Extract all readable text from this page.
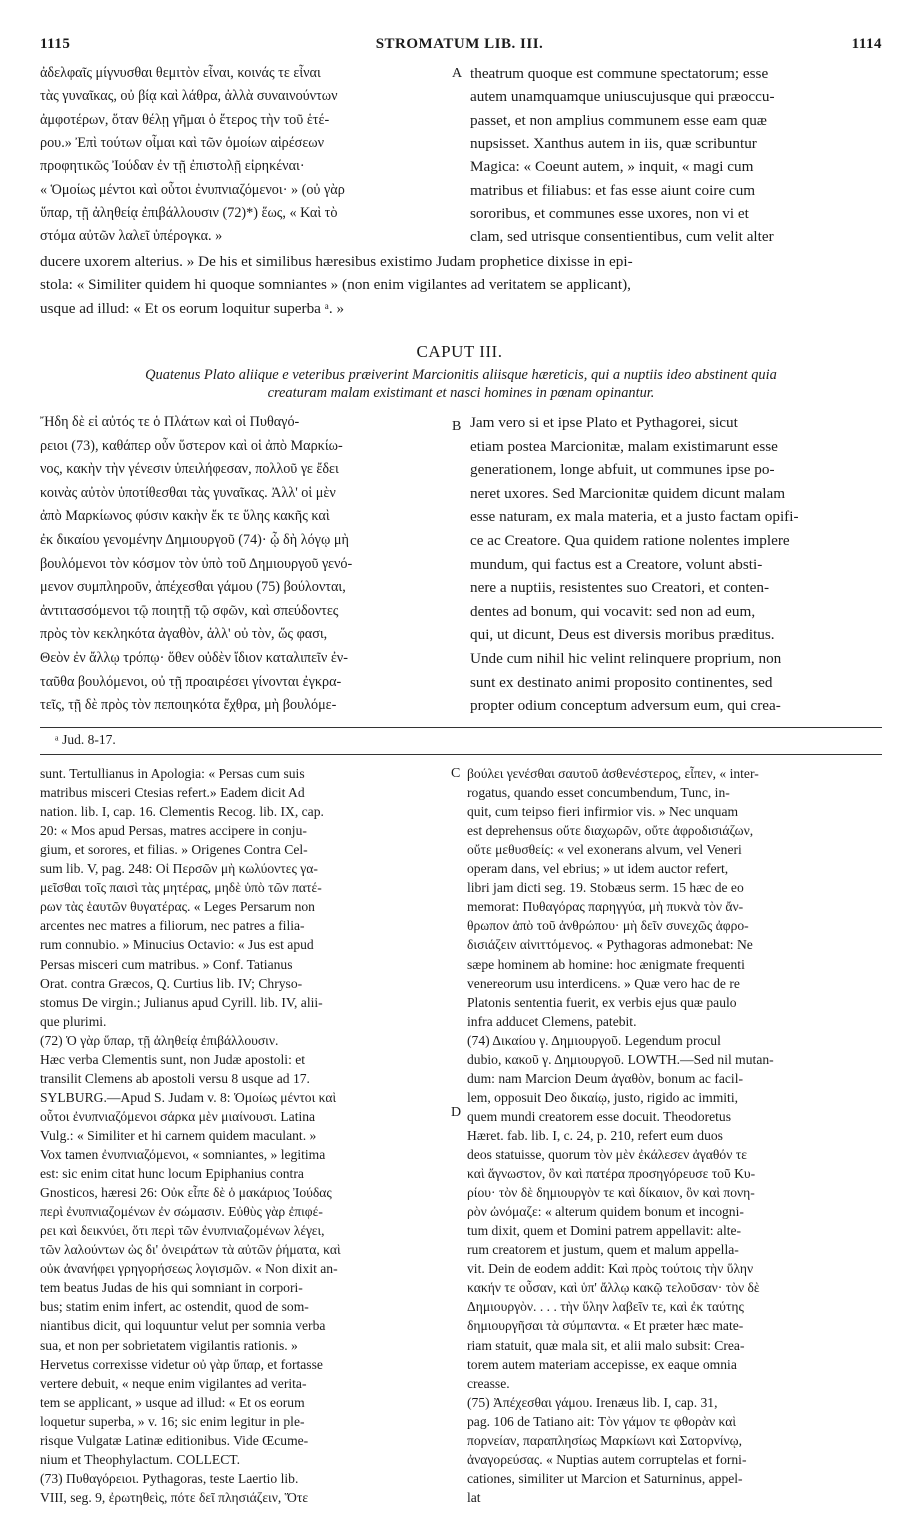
1115	STROMATUM LIB. III.	1114
ἀδελφαῖς μίγνυσθαι θεμιτὸν εἶναι, κοινάς τε εἶναι
τὰς γυναῖκας, οὐ βίᾳ καὶ λάθρα, ἀλλὰ συναινούντων
ἀμφοτέρων, ὅταν θέλῃ γῆμαι ὁ ἕτερος τὴν τοῦ ἑτέ-
ρου.» Ἐπὶ τούτων οἶμαι καὶ τῶν ὁμοίων αἱρέσεων
προφητικῶς Ἰούδαν ἐν τῇ ἐπιστολῇ εἰρηκέναι·
« Ὁμοίως μέντοι καὶ οὗτοι ἐνυπνιαζόμενοι· » (οὐ γὰρ
ὕπαρ, τῇ ἀληθείᾳ ἐπιβάλλουσιν (72)*) ἕως, « Καὶ τὸ
στόμα αὐτῶν λαλεῖ ὑπέρογκα. »
theatrum quoque est commune spectatorum; esse
autem unamquamque uniuscujusque qui præoccu-
passet, et non amplius communem esse eam quæ
nupsisset. Xanthus autem in iis, quæ scribuntur
Magica: « Coeunt autem, » inquit, « magi cum
matribus et filiabus: et fas esse aiunt coire cum
sororibus, et communes esse uxores, non vi et
clam, sed utrisque consentientibus, cum velit alter
A
ducere uxorem alterius. » De his et similibus hæresibus existimo Judam prophetice dixisse in epi-
stola: « Similiter quidem hi quoque somniantes » (non enim vigilantes ad veritatem se applicant),
usque ad illud: « Et os eorum loquitur superba ᵃ. »
CAPUT III.
Quatenus Plato aliique e veteribus præiverint Marcionitis aliisque hæreticis, qui a nuptiis ideo abstinent quia
creaturam malam existimant et nasci homines in pœnam opinantur.
Ἤδη δὲ εἰ αὐτός τε ὁ Πλάτων καὶ οἱ Πυθαγό-
ρειοι (73), καθάπερ οὖν ὕστερον καὶ οἱ ἀπὸ Μαρκίω-
νος, κακὴν τὴν γένεσιν ὑπειλήφεσαν, πολλοῦ γε ἔδει
κοινὰς αὐτὸν ὑποτίθεσθαι τὰς γυναῖκας. Ἀλλ' οἱ μὲν
ἀπὸ Μαρκίωνος φύσιν κακὴν ἔκ τε ὕλης κακῆς καὶ
ἐκ δικαίου γενομένην Δημιουργοῦ (74)· ᾧ δὴ λόγῳ μὴ
βουλόμενοι τὸν κόσμον τὸν ὑπὸ τοῦ Δημιουργοῦ γενό-
μενον συμπληροῦν, ἀπέχεσθαι γάμου (75) βούλονται,
ἀντιτασσόμενοι τῷ ποιητῇ τῷ σφῶν, καὶ σπεύδοντες
πρὸς τὸν κεκληκότα ἀγαθὸν, ἀλλ' οὐ τὸν, ὥς φασι,
Θεὸν ἐν ἄλλῳ τρόπῳ· ὅθεν οὐδὲν ἴδιον καταλιπεῖν ἐν-
ταῦθα βουλόμενοι, οὐ τῇ προαιρέσει γίνονται ἐγκρα-
τεῖς, τῇ δὲ πρὸς τὸν πεποιηκότα ἔχθρα, μὴ βουλόμε-
Jam vero si et ipse Plato et Pythagorei, sicut
etiam postea Marcionitæ, malam existimarunt esse
generationem, longe abfuit, ut communes ipse po-
neret uxores. Sed Marcionitæ quidem dicunt malam
esse naturam, ex mala materia, et a justo factam opifi-
ce ac Creatore. Qua quidem ratione nolentes implere
mundum, qui factus est a Creatore, volunt absti-
nere a nuptiis, resistentes suo Creatori, et conten-
dentes ad bonum, qui vocavit: sed non ad eum,
qui, ut dicunt, Deus est diversis moribus præditus.
Unde cum nihil hic velint relinquere proprium, non
sunt ex destinato animi proposito continentes, sed
propter odium conceptum adversum eum, qui crea-
B
ᵃ Jud. 8-17.
sunt. Tertullianus in Apologia: « Persas cum suis
matribus misceri Ctesias refert.» Eadem dicit Ad
nation. lib. I, cap. 16. Clementis Recog. lib. IX, cap.
20: « Mos apud Persas, matres accipere in conju-
gium, et sorores, et filias. » Origenes Contra Cel-
sum lib. V, pag. 248: Οἱ Περσῶν μὴ κωλύοντες γα-
μεῖσθαι τοῖς παισὶ τὰς μητέρας, μηδὲ ὑπὸ τῶν πατέ-
ρων τὰς ἑαυτῶν θυγατέρας. « Leges Persarum non
arcentes nec matres a filiorum, nec patres a filia-
rum connubio. » Minucius Octavio: « Jus est apud
Persas misceri cum matribus. » Conf. Tatianus
Orat. contra Græcos, Q. Curtius lib. IV; Chryso-
stomus De virgin.; Julianus apud Cyrill. lib. IV, alii-
que plurimi.
(72) Ὁ γὰρ ὕπαρ, τῇ ἀληθείᾳ ἐπιβάλλουσιν.
Hæc verba Clementis sunt, non Judæ apostoli: et
transilit Clemens ab apostoli versu 8 usque ad 17.
SYLBURG.—Apud S. Judam v. 8: Ὁμοίως μέντοι καὶ
οὗτοι ἐνυπνιαζόμενοι σάρκα μὲν μιαίνουσι. Latina
Vulg.: « Similiter et hi carnem quidem maculant. »
Vox tamen ἐνυπνιαζόμενοι, « somniantes, » legitima
est: sic enim citat hunc locum Epiphanius contra
Gnosticos, hæresi 26: Οὐκ εἶπε δὲ ὁ μακάριος Ἰούδας
περὶ ἐνυπνιαζομένων ἐν σώμασιν. Εὐθὺς γὰρ ἐπιφέ-
ρει καὶ δεικνύει, ὅτι περὶ τῶν ἐνυπνιαζομένων λέγει,
τῶν λαλούντων ὡς δι' ὀνειράτων τὰ αὐτῶν ῥήματα, καὶ
οὐκ ἀνανήφει γρηγορήσεως λογισμῶν. « Non dixit an-
tem beatus Judas de his qui somniant in corpori-
bus; statim enim infert, ac ostendit, quod de som-
niantibus dicit, qui loquuntur velut per somnia verba
sua, et non per sobrietatem vigilantis rationis. »
Hervetus correxisse videtur οὐ γὰρ ὕπαρ, et fortasse
vertere debuit, « neque enim vigilantes ad verita-
tem se applicant, » usque ad illud: « Et os eorum
loquetur superba, » v. 16; sic enim legitur in ple-
risque Vulgatæ Latinæ editionibus. Vide Œcume-
nium et Theophylactum. COLLECT.
(73) Πυθαγόρειοι. Pythagoras, teste Laertio lib.
VIII, seg. 9, ἐρωτηθεὶς, πότε δεῖ πλησιάζειν, Ὅτε
βούλει γενέσθαι σαυτοῦ ἀσθενέστερος, εἶπεν, « inter-
rogatus, quando esset concumbendum, Tunc, in-
quit, cum teipso fieri infirmior vis. » Nec unquam
est deprehensus οὔτε διαχωρῶν, οὔτε ἀφροδισιάζων,
οὔτε μεθυσθείς: « vel exonerans alvum, vel Veneri
operam dans, vel ebrius; » ut idem auctor refert,
libri jam dicti seg. 19. Stobæus serm. 15 hæc de eo
memorat: Πυθαγόρας παρηγγύα, μὴ πυκνὰ τὸν ἄν-
θρωπον ἀπὸ τοῦ ἀνθρώπου· μὴ δεῖν συνεχῶς ἀφρο-
δισιάζειν αἰνιττόμενος. « Pythagoras admonebat: Ne
sæpe hominem ab homine: hoc ænigmate frequenti
venereorum usu interdicens. » Quæ vero hac de re
Platonis sententia fuerit, ex verbis ejus quæ paulo
infra adducet Clemens, patebit.
(74) Δικαίου γ. Δημιουργοῦ. Legendum procul
dubio, κακοῦ γ. Δημιουργοῦ. LOWTH.—Sed nil mutan-
dum: nam Marcion Deum ἀγαθὸν, bonum ac facil-
lem, opposuit Deo δικαίῳ, justo, rigido ac immiti,
quem mundi creatorem esse docuit. Theodoretus
Hæret. fab. lib. I, c. 24, p. 210, refert eum duos
deos statuisse, quorum τὸν μὲν ἐκάλεσεν ἀγαθόν τε
καὶ ἄγνωστον, ὃν καὶ πατέρα προσηγόρευσε τοῦ Κυ-
ρίου· τὸν δὲ δημιουργὸν τε καὶ δίκαιον, ὃν καὶ πονη-
ρὸν ὠνόμαζε: « alterum quidem bonum et incogni-
tum dixit, quem et Domini patrem appellavit: alte-
rum creatorem et justum, quem et malum appella-
vit. Dein de eodem addit: Καὶ πρὸς τούτοις τὴν ὕλην
κακήν τε οὖσαν, καὶ ὑπ' ἄλλῳ κακῷ τελοῦσαν· τὸν δὲ
Δημιουργὸν. . . . τὴν ὕλην λαβεῖν τε, καὶ ἐκ ταύτης
δημιουργῆσαι τὰ σύμπαντα. « Et præter hæc mate-
riam statuit, quæ mala sit, et alii malo subsit: Crea-
torem autem materiam accepisse, ex eaque omnia
creasse.
(75) Ἀπέχεσθαι γάμου. Irenæus lib. I, cap. 31,
pag. 106 de Tatiano ait: Τὸν γάμον τε φθορὰν καὶ
πορνείαν, παραπλησίως Μαρκίωνι καὶ Σατορνίνῳ,
ἀναγορεύσας. « Nuptias autem corruptelas et forni-
cationes, similiter ut Marcion et Saturninus, appel-
lat
C
D
